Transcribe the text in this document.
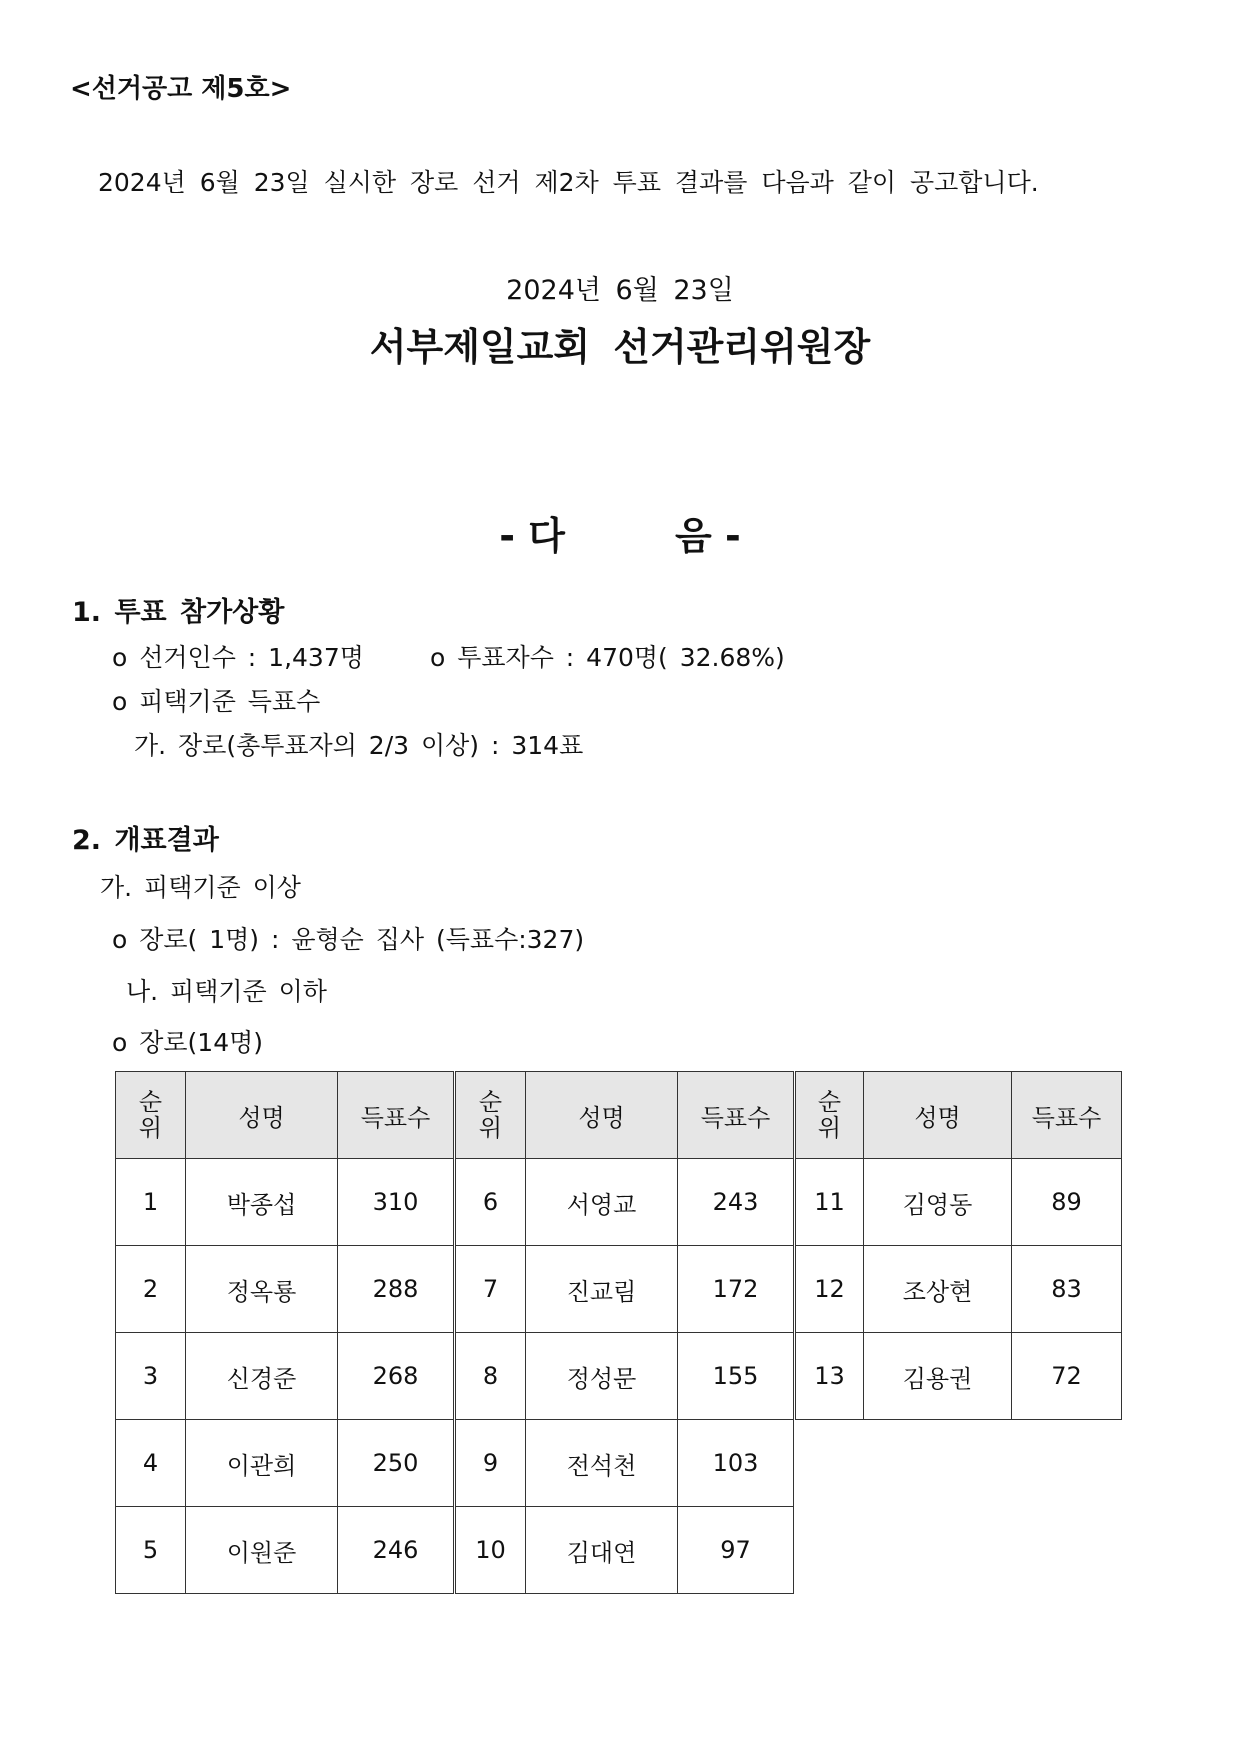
<선거공고 제5호>
2024년 6월 23일 실시한 장로 선거 제2차 투표 결과를 다음과 같이 공고합니다.
2024년 6월 23일
서부제일교회 선거관리위원장
- 다	음 -
1. 투표 참가상황
o 선거인수 : 1,437명	o 투표자수 : 470명( 32.68%)
o 피택기준 득표수
가. 장로(총투표자의 2/3 이상) : 314표
2. 개표결과
가. 피택기준 이상
o 장로( 1명) : 윤형순 집사 (득표수:327)
나. 피택기준 이하
o 장로(14명)
순
위	성명	득표수
1	박종섭	310
2	정옥룡	288
3	신경준	268
4	이관희	250
5	이원준	246
순
위	성명	득표수
6	서영교	243
7	진교림	172
8	정성문	155
9	전석천	103
10	김대연	97
순
위	성명	득표수
11	김영동	89
12	조상현	83
13	김용권	72
